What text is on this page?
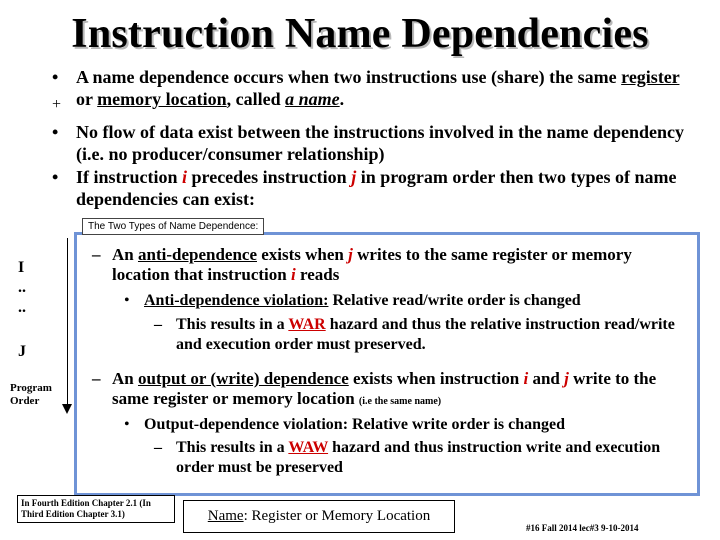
Instruction Name Dependencies
+
• A name dependence occurs when two instructions use (share) the same register or memory location, called a name.
• No flow of data exist between the instructions involved in the name dependency (i.e. no producer/consumer relationship)
• If instruction i precedes instruction j in program order then two types of name dependencies can exist:
The Two Types of Name Dependence:
I
..
..
J
Program Order
– An anti-dependence exists when j writes to the same register or memory location that instruction i reads
• Anti-dependence violation: Relative read/write order is changed
– This results in a WAR hazard and thus the relative instruction read/write and execution order must preserved.
– An output or (write) dependence exists when instruction i and j write to the same register or memory location (i.e the same name)
• Output-dependence violation: Relative write order is changed
– This results in a WAW hazard and thus instruction write and execution order must be preserved
In Fourth Edition Chapter 2.1 (In Third Edition Chapter 3.1)	Name: Register or Memory Location
#16 Fall 2014 lec#3 9-10-2014
